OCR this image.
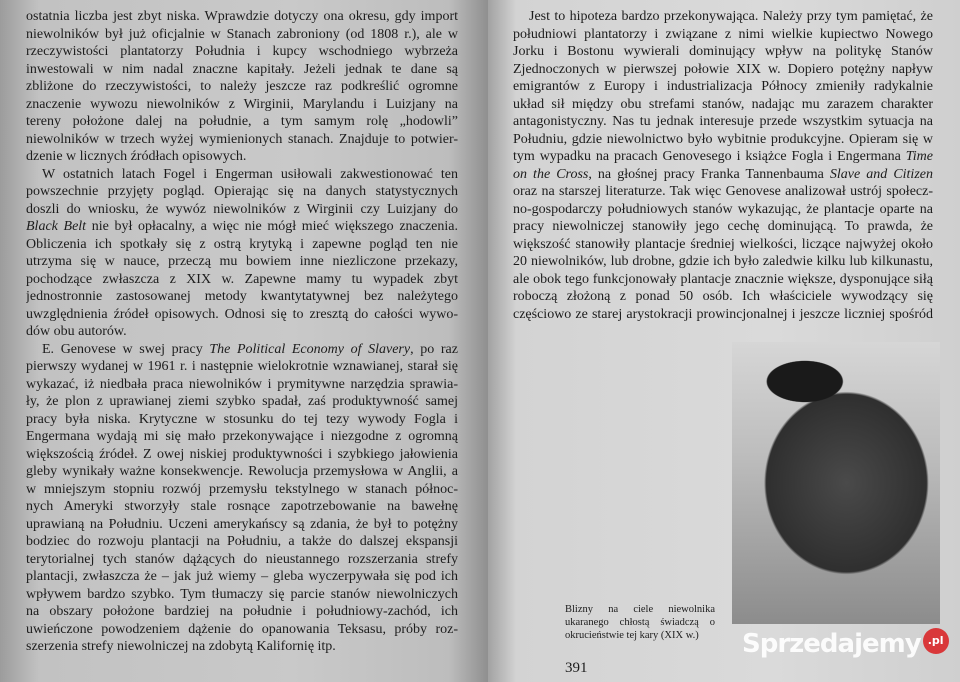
ostatnia liczba jest zbyt niska. Wprawdzie dotyczy ona okresu, gdy import
niewolników był już oficjalnie w Stanach zabroniony (od 1808 r.), ale w
rzeczywistości plantatorzy Południa i kupcy wschodniego wybrzeża
inwestowali w nim nadal znaczne kapitały. Jeżeli jednak te dane są
zbliżone do rzeczywistości, to należy jeszcze raz podkreślić ogromne
znaczenie wywozu niewolników z Wirginii, Marylandu i Luizjany na
tereny położone dalej na południe, a tym samym rolę „hodowli”
niewolników w trzech wyżej wymienionych stanach. Znajduje to potwier-
dzenie w licznych źródłach opisowych.
W ostatnich latach Fogel i Engerman usiłowali zakwestionować ten
powszechnie przyjęty pogląd. Opierając się na danych statystycznych
doszli do wniosku, że wywóz niewolników z Wirginii czy Luizjany do
Black Belt nie był opłacalny, a więc nie mógł mieć większego znaczenia.
Obliczenia ich spotkały się z ostrą krytyką i zapewne pogląd ten nie
utrzyma się w nauce, przeczą mu bowiem inne niezliczone przekazy,
pochodzące zwłaszcza z XIX w. Zapewne mamy tu wypadek zbyt
jednostronnie zastosowanej metody kwantytatywnej bez należytego
uwzględnienia źródeł opisowych. Odnosi się to zresztą do całości wywo-
dów obu autorów.
E. Genovese w swej pracy The Political Economy of Slavery, po raz
pierwszy wydanej w 1961 r. i następnie wielokrotnie wznawianej, starał się
wykazać, iż niedbała praca niewolników i prymitywne narzędzia sprawia-
ły, że plon z uprawianej ziemi szybko spadał, zaś produktywność samej
pracy była niska. Krytyczne w stosunku do tej tezy wywody Fogla i
Engermana wydają mi się mało przekonywające i niezgodne z ogromną
większością źródeł. Z owej niskiej produktywności i szybkiego jałowienia
gleby wynikały ważne konsekwencje. Rewolucja przemysłowa w Anglii, a
w mniejszym stopniu rozwój przemysłu tekstylnego w stanach północ-
nych Ameryki stworzyły stale rosnące zapotrzebowanie na bawełnę
uprawianą na Południu. Uczeni amerykańscy są zdania, że był to potężny
bodziec do rozwoju plantacji na Południu, a także do dalszej ekspansji
terytorialnej tych stanów dążących do nieustannego rozszerzania strefy
plantacji, zwłaszcza że – jak już wiemy – gleba wyczerpywała się pod ich
wpływem bardzo szybko. Tym tłumaczy się parcie stanów niewolniczych
na obszary położone bardziej na południe i południowy-zachód, ich
uwieńczone powodzeniem dążenie do opanowania Teksasu, próby roz-
szerzenia strefy niewolniczej na zdobytą Kalifornię itp.
Jest to hipoteza bardzo przekonywająca. Należy przy tym pamiętać, że
południowi plantatorzy i związane z nimi wielkie kupiectwo Nowego
Jorku i Bostonu wywierali dominujący wpływ na politykę Stanów
Zjednoczonych w pierwszej połowie XIX w. Dopiero potężny napływ
emigrantów z Europy i industrializacja Północy zmieniły radykalnie
układ sił między obu strefami stanów, nadając mu zarazem charakter
antagonistyczny. Nas tu jednak interesuje przede wszystkim sytuacja na
Południu, gdzie niewolnictwo było wybitnie produkcyjne. Opieram się w
tym wypadku na pracach Genovesego i książce Fogla i Engermana Time
on the Cross, na głośnej pracy Franka Tannenbauma Slave and Citizen
oraz na starszej literaturze. Tak więc Genovese analizował ustrój społecz-
no-gospodarczy południowych stanów wykazując, że plantacje oparte na
pracy niewolniczej stanowiły jego cechę dominującą. To prawda, że
większość stanowiły plantacje średniej wielkości, liczące najwyżej około
20 niewolników, lub drobne, gdzie ich było zaledwie kilku lub kilkunastu,
ale obok tego funkcjonowały plantacje znacznie większe, dysponujące siłą
roboczą złożoną z ponad 50 osób. Ich właściciele wywodzący się
częściowo ze starej arystokracji prowincjonalnej i jeszcze liczniej spośród
Blizny na ciele niewolnika ukaranego chłostą świadczą o okrucieństwie tej kary (XIX w.)
391
Sprzedajemy .pl
